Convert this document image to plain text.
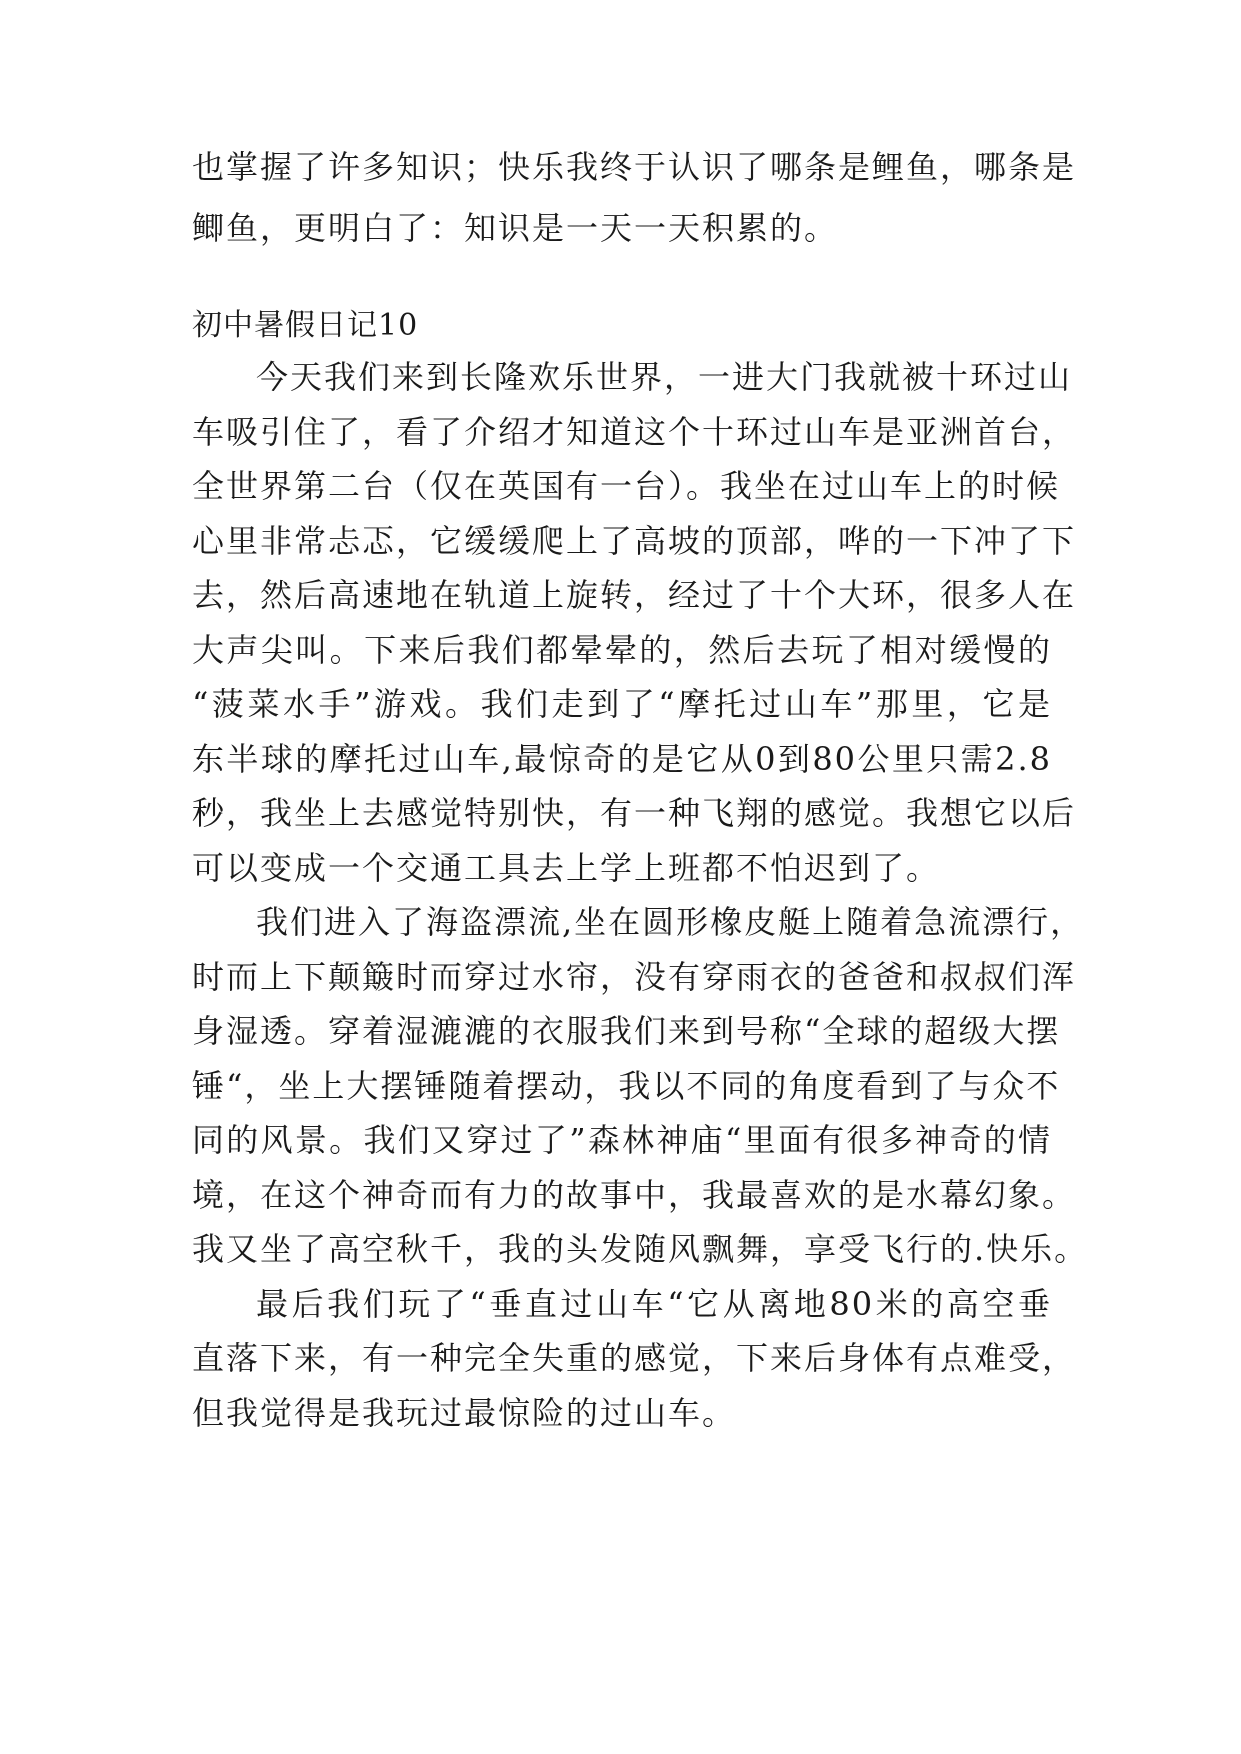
也掌握了许多知识；快乐我终于认识了哪条是鲤鱼，哪条是
鲫鱼，更明白了：知识是一天一天积累的。
初中暑假日记10
今天我们来到长隆欢乐世界，一进大门我就被十环过山
车吸引住了，看了介绍才知道这个十环过山车是亚洲首台，
全世界第二台（仅在英国有一台）。我坐在过山车上的时候
心里非常忐忑，它缓缓爬上了高坡的顶部，哗的一下冲了下
去，然后高速地在轨道上旋转，经过了十个大环，很多人在
大声尖叫。下来后我们都晕晕的，然后去玩了相对缓慢的
“菠菜水手”游戏。我们走到了“摩托过山车”那里，它是
东半球的摩托过山车,最惊奇的是它从0到80公里只需2.8
秒，我坐上去感觉特别快，有一种飞翔的感觉。我想它以后
可以变成一个交通工具去上学上班都不怕迟到了。
我们进入了海盗漂流,坐在圆形橡皮艇上随着急流漂行，
时而上下颠簸时而穿过水帘，没有穿雨衣的爸爸和叔叔们浑
身湿透。穿着湿漉漉的衣服我们来到号称“全球的超级大摆
锤“，坐上大摆锤随着摆动，我以不同的角度看到了与众不
同的风景。我们又穿过了”森林神庙“里面有很多神奇的情
境，在这个神奇而有力的故事中，我最喜欢的是水幕幻象。
我又坐了高空秋千，我的头发随风飘舞，享受飞行的.快乐。
最后我们玩了“垂直过山车“它从离地80米的高空垂
直落下来，有一种完全失重的感觉，下来后身体有点难受，
但我觉得是我玩过最惊险的过山车。
